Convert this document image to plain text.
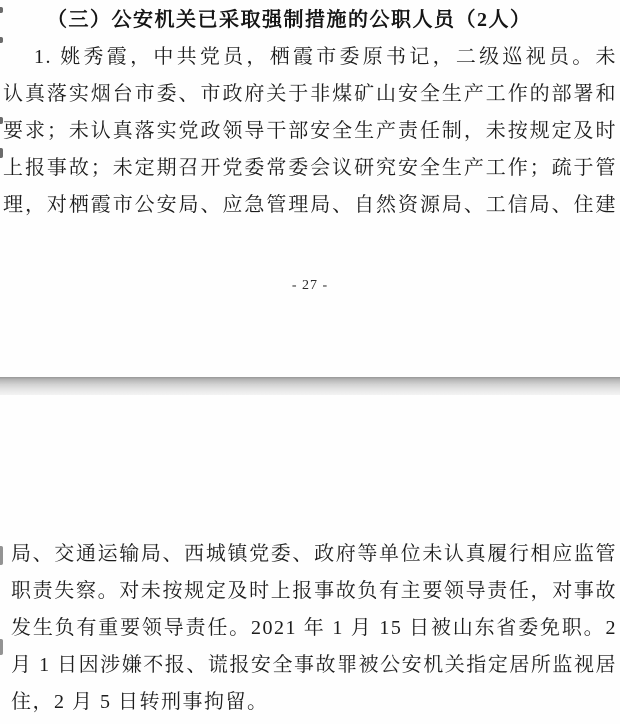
（三）公安机关已采取强制措施的公职人员（2人）

1. 姚秀霞，中共党员，栖霞市委原书记，二级巡视员。未

认真落实烟台市委、市政府关于非煤矿山安全生产工作的部署和

要求；未认真落实党政领导干部安全生产责任制，未按规定及时

上报事故；未定期召开党委常委会议研究安全生产工作；疏于管

理，对栖霞市公安局、应急管理局、自然资源局、工信局、住建

- 27 -

局、交通运输局、西城镇党委、政府等单位未认真履行相应监管

职责失察。对未按规定及时上报事故负有主要领导责任，对事故

发生负有重要领导责任。2021 年 1 月 15 日被山东省委免职。2

月 1 日因涉嫌不报、谎报安全事故罪被公安机关指定居所监视居

住，2 月 5 日转刑事拘留。
